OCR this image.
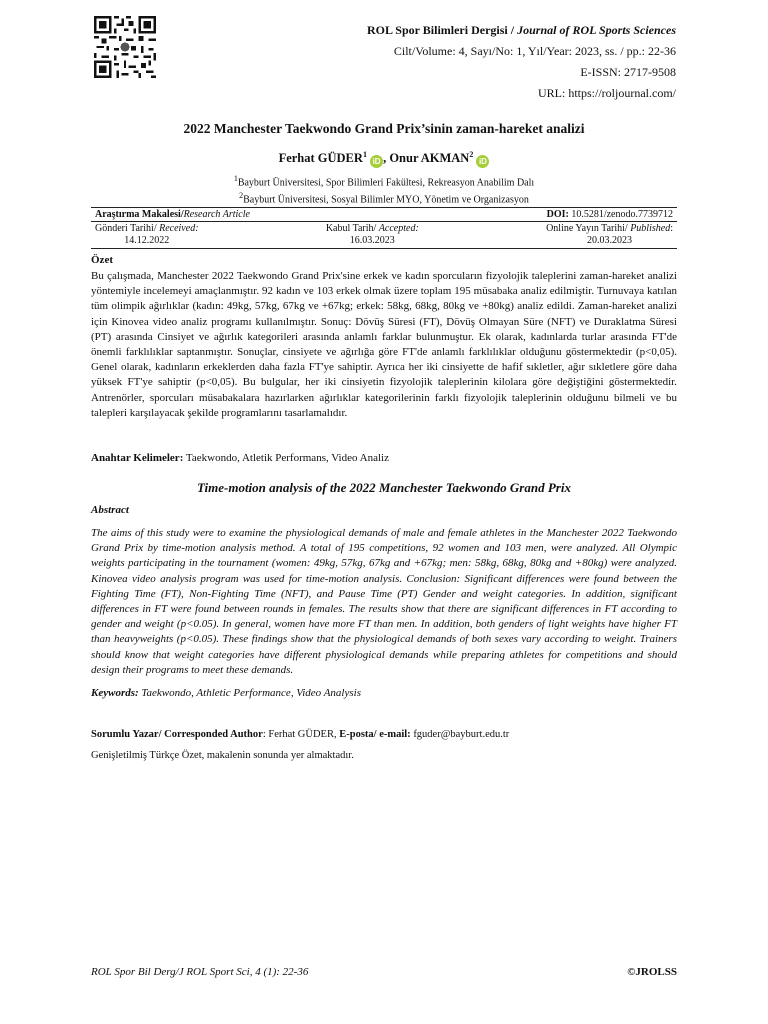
ROL Spor Bilimleri Dergisi / Journal of ROL Sports Sciences
Cilt/Volume: 4, Sayı/No: 1, Yıl/Year: 2023, ss. / pp.: 22-36
E-ISSN: 2717-9508
URL: https://roljournal.com/
2022 Manchester Taekwondo Grand Prix’sinin zaman-hareket analizi
Ferhat GÜDER$^1$ iD , Onur AKMAN$^2$ iD
$^1$Bayburt Üniversitesi, Spor Bilimleri Fakültesi, Rekreasyon Anabilim Dalı
$^2$Bayburt Üniversitesi, Sosyal Bilimler MYO, Yönetim ve Organizasyon
Araştırma Makalesi/Research Article	DOI: 10.5281/zenodo.7739712
Gönderi Tarihi/ Received:
14.12.2022
Kabul Tarih/ Accepted:
16.03.2023
Online Yayın Tarihi/ Published:
20.03.2023
Özet
Bu çalışmada, Manchester 2022 Taekwondo Grand Prix'sine erkek ve kadın sporcuların fizyolojik taleplerini zaman-hareket analizi yöntemiyle incelemeyi amaçlanmıştır. 92 kadın ve 103 erkek olmak üzere toplam 195 müsabaka analiz edilmiştir. Turnuvaya katılan tüm olimpik ağırlıklar (kadın: 49kg, 57kg, 67kg ve +67kg; erkek: 58kg, 68kg, 80kg ve +80kg) analiz edildi. Zaman-hareket analizi için Kinovea video analiz programı kullanılmıştır. Sonuç: Dövüş Süresi (FT), Dövüş Olmayan Süre (NFT) ve Duraklatma Süresi (PT) arasında Cinsiyet ve ağırlık kategorileri arasında anlamlı farklar bulunmuştur. Ek olarak, kadınlarda turlar arasında FT'de önemli farklılıklar saptanmıştır. Sonuçlar, cinsiyete ve ağırlığa göre FT'de anlamlı farklılıklar olduğunu göstermektedir (p<0,05). Genel olarak, kadınların erkeklerden daha fazla FT'ye sahiptir. Ayrıca her iki cinsiyette de hafif sıkletler, ağır sıkletlere göre daha yüksek FT'ye sahiptir (p<0,05). Bu bulgular, her iki cinsiyetin fizyolojik taleplerinin kilolara göre değiştiğini göstermektedir. Antrenörler, sporcuları müsabakalara hazırlarken ağırlıklar kategorilerinin farklı fizyolojik taleplerinin olduğunu bilmeli ve bu talepleri karşılayacak şekilde programlarını tasarlamalıdır.
Anahtar Kelimeler: Taekwondo, Atletik Performans, Video Analiz
Time-motion analysis of the 2022 Manchester Taekwondo Grand Prix
Abstract
The aims of this study were to examine the physiological demands of male and female athletes in the Manchester 2022 Taekwondo Grand Prix by time-motion analysis method. A total of 195 competitions, 92 women and 103 men, were analyzed. All Olympic weights participating in the tournament (women: 49kg, 57kg, 67kg and +67kg; men: 58kg, 68kg, 80kg and +80kg) were analyzed. Kinovea video analysis program was used for time-motion analysis. Conclusion: Significant differences were found between the Fighting Time (FT), Non-Fighting Time (NFT), and Pause Time (PT) Gender and weight categories. In addition, significant differences in FT were found between rounds in females. The results show that there are significant differences in FT according to gender and weight (p<0.05). In general, women have more FT than men. In addition, both genders of light weights have higher FT than heavyweights (p<0.05). These findings show that the physiological demands of both sexes vary according to weight. Trainers should know that weight categories have different physiological demands while preparing athletes for competitions and should design their programs to meet these demands.
Keywords: Taekwondo, Athletic Performance, Video Analysis
Sorumlu Yazar/ Corresponded Author: Ferhat GÜDER, E-posta/ e-mail: fguder@bayburt.edu.tr
Genişletilmiş Türkçe Özet, makalenin sonunda yer almaktadır.
ROL Spor Bil Derg/J ROL Sport Sci, 4 (1): 22-36	©JROLSS
